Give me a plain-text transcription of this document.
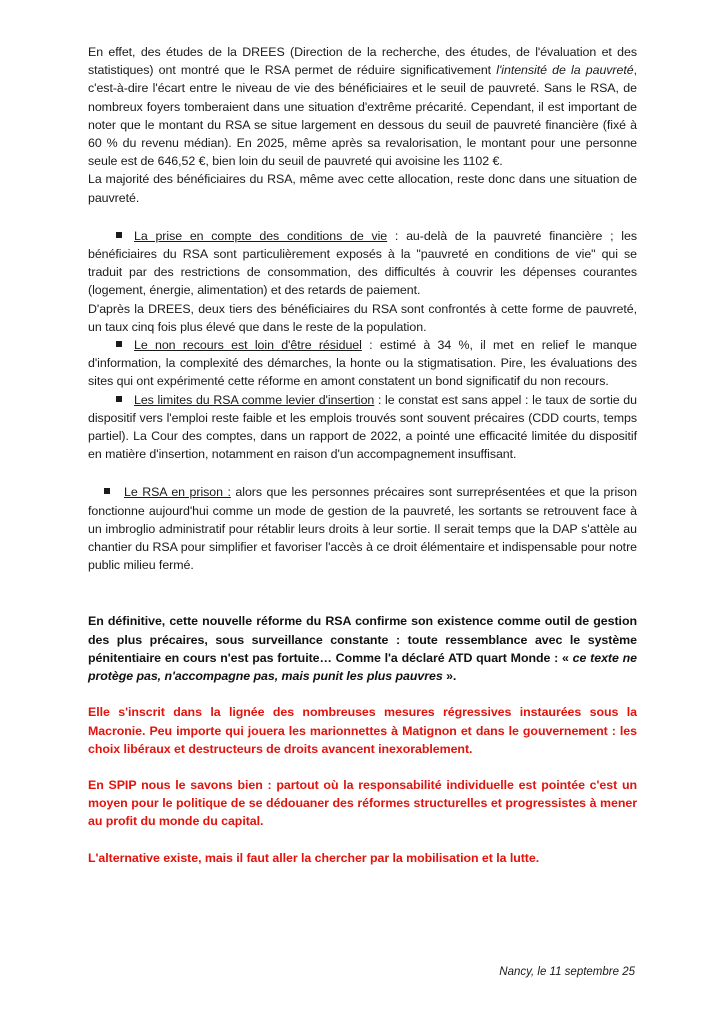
En effet, des études de la DREES (Direction de la recherche, des études, de l'évaluation et des statistiques) ont montré que le RSA permet de réduire significativement l'intensité de la pauvreté, c'est-à-dire l'écart entre le niveau de vie des bénéficiaires et le seuil de pauvreté. Sans le RSA, de nombreux foyers tomberaient dans une situation d'extrême précarité. Cependant, il est important de noter que le montant du RSA se situe largement en dessous du seuil de pauvreté financière (fixé à 60 % du revenu médian). En 2025, même après sa revalorisation, le montant pour une personne seule est de 646,52 €, bien loin du seuil de pauvreté qui avoisine les 1102 €.

La majorité des bénéficiaires du RSA, même avec cette allocation, reste donc dans une situation de pauvreté.

La prise en compte des conditions de vie : au-delà de la pauvreté financière ; les bénéficiaires du RSA sont particulièrement exposés à la "pauvreté en conditions de vie" qui se traduit par des restrictions de consommation, des difficultés à couvrir les dépenses courantes (logement, énergie, alimentation) et des retards de paiement.

D'après la DREES, deux tiers des bénéficiaires du RSA sont confrontés à cette forme de pauvreté, un taux cinq fois plus élevé que dans le reste de la population.

Le non recours est loin d'être résiduel : estimé à 34 %, il met en relief le manque d'information, la complexité des démarches, la honte ou la stigmatisation. Pire, les évaluations des sites qui ont expérimenté cette réforme en amont constatent un bond significatif du non recours.

Les limites du RSA comme levier d'insertion : le constat est sans appel : le taux de sortie du dispositif vers l'emploi reste faible et les emplois trouvés sont souvent précaires (CDD courts, temps partiel). La Cour des comptes, dans un rapport de 2022, a pointé une efficacité limitée du dispositif en matière d'insertion, notamment en raison d'un accompagnement insuffisant.

Le RSA en prison : alors que les personnes précaires sont surreprésentées et que la prison fonctionne aujourd'hui comme un mode de gestion de la pauvreté, les sortants se retrouvent face à un imbroglio administratif pour rétablir leurs droits à leur sortie. Il serait temps que la DAP s'attèle au chantier du RSA pour simplifier et favoriser l'accès à ce droit élémentaire et indispensable pour notre public milieu fermé.

En définitive, cette nouvelle réforme du RSA confirme son existence comme outil de gestion des plus précaires, sous surveillance constante : toute ressemblance avec le système pénitentiaire en cours n'est pas fortuite… Comme l'a déclaré ATD quart Monde : « ce texte ne protège pas, n'accompagne pas, mais punit les plus pauvres ».

Elle s'inscrit dans la lignée des nombreuses mesures régressives instaurées sous la Macronie. Peu importe qui jouera les marionnettes à Matignon et dans le gouvernement : les choix libéraux et destructeurs de droits avancent inexorablement.

En SPIP nous le savons bien : partout où la responsabilité individuelle est pointée c'est un moyen pour le politique de se dédouaner des réformes structurelles et progressistes à mener au profit du monde du capital.

L'alternative existe, mais il faut aller la chercher par la mobilisation et la lutte.

Nancy, le 11 septembre 25
